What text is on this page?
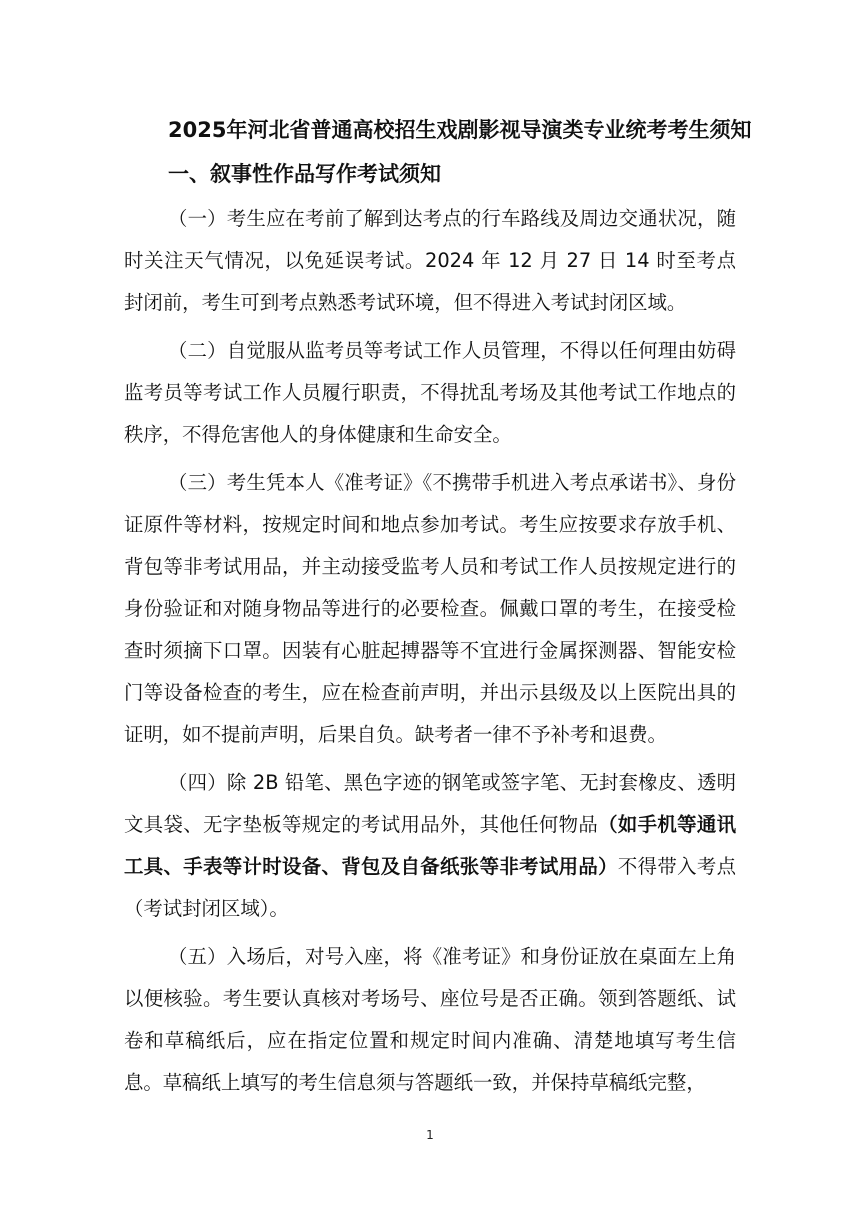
2025年河北省普通高校招生戏剧影视导演类专业统考考生须知
一、叙事性作品写作考试须知

（一）考生应在考前了解到达考点的行车路线及周边交通状况，随时关注天气情况，以免延误考试。2024 年 12 月 27 日 14 时至考点封闭前，考生可到考点熟悉考试环境，但不得进入考试封闭区域。

（二）自觉服从监考员等考试工作人员管理，不得以任何理由妨碍监考员等考试工作人员履行职责，不得扰乱考场及其他考试工作地点的秩序，不得危害他人的身体健康和生命安全。

（三）考生凭本人《准考证》《不携带手机进入考点承诺书》、身份证原件等材料，按规定时间和地点参加考试。考生应按要求存放手机、背包等非考试用品，并主动接受监考人员和考试工作人员按规定进行的身份验证和对随身物品等进行的必要检查。佩戴口罩的考生，在接受检查时须摘下口罩。因装有心脏起搏器等不宜进行金属探测器、智能安检门等设备检查的考生，应在检查前声明，并出示县级及以上医院出具的证明，如不提前声明，后果自负。缺考者一律不予补考和退费。

（四）除 2B 铅笔、黑色字迹的钢笔或签字笔、无封套橡皮、透明文具袋、无字垫板等规定的考试用品外，其他任何物品（如手机等通讯工具、手表等计时设备、背包及自备纸张等非考试用品）不得带入考点（考试封闭区域）。

（五）入场后，对号入座，将《准考证》和身份证放在桌面左上角以便核验。考生要认真核对考场号、座位号是否正确。领到答题纸、试卷和草稿纸后，应在指定位置和规定时间内准确、清楚地填写考生信息。草稿纸上填写的考生信息须与答题纸一致，并保持草稿纸完整，

1
